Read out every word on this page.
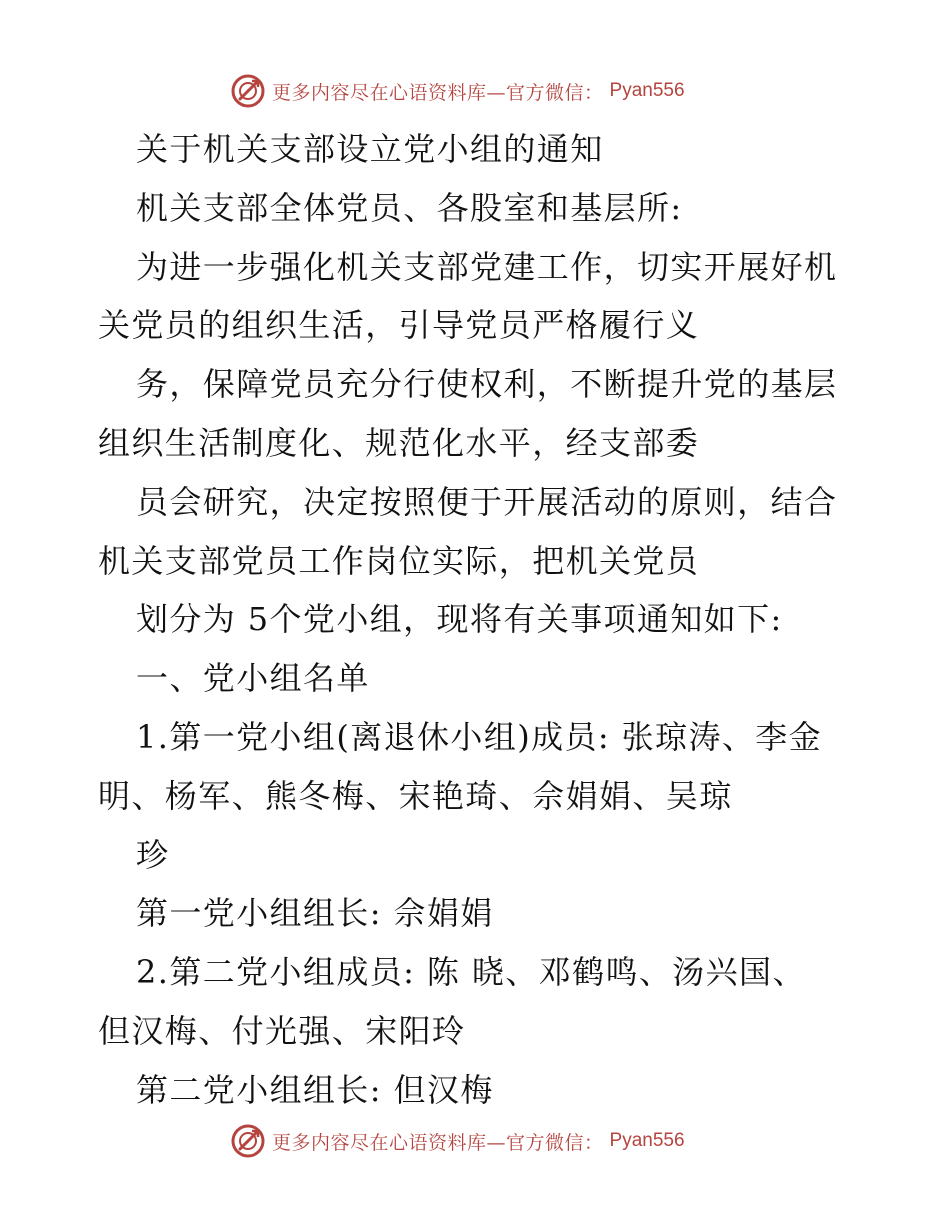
更多内容尽在心语资料库—官方微信： Pyan556
关于机关支部设立党小组的通知
机关支部全体党员、各股室和基层所:
为进一步强化机关支部党建工作，切实开展好机
关党员的组织生活，引导党员严格履行义
务，保障党员充分行使权利，不断提升党的基层
组织生活制度化、规范化水平，经支部委
员会研究，决定按照便于开展活动的原则，结合
机关支部党员工作岗位实际，把机关党员
划分为 5个党小组，现将有关事项通知如下:
一、党小组名单
1.第一党小组(离退休小组)成员: 张琼涛、李金
明、杨军、熊冬梅、宋艳琦、佘娟娟、吴琼
珍
第一党小组组长: 佘娟娟
2.第二党小组成员: 陈 晓、邓鹤鸣、汤兴国、
但汉梅、付光强、宋阳玲
第二党小组组长: 但汉梅
更多内容尽在心语资料库—官方微信： Pyan556
